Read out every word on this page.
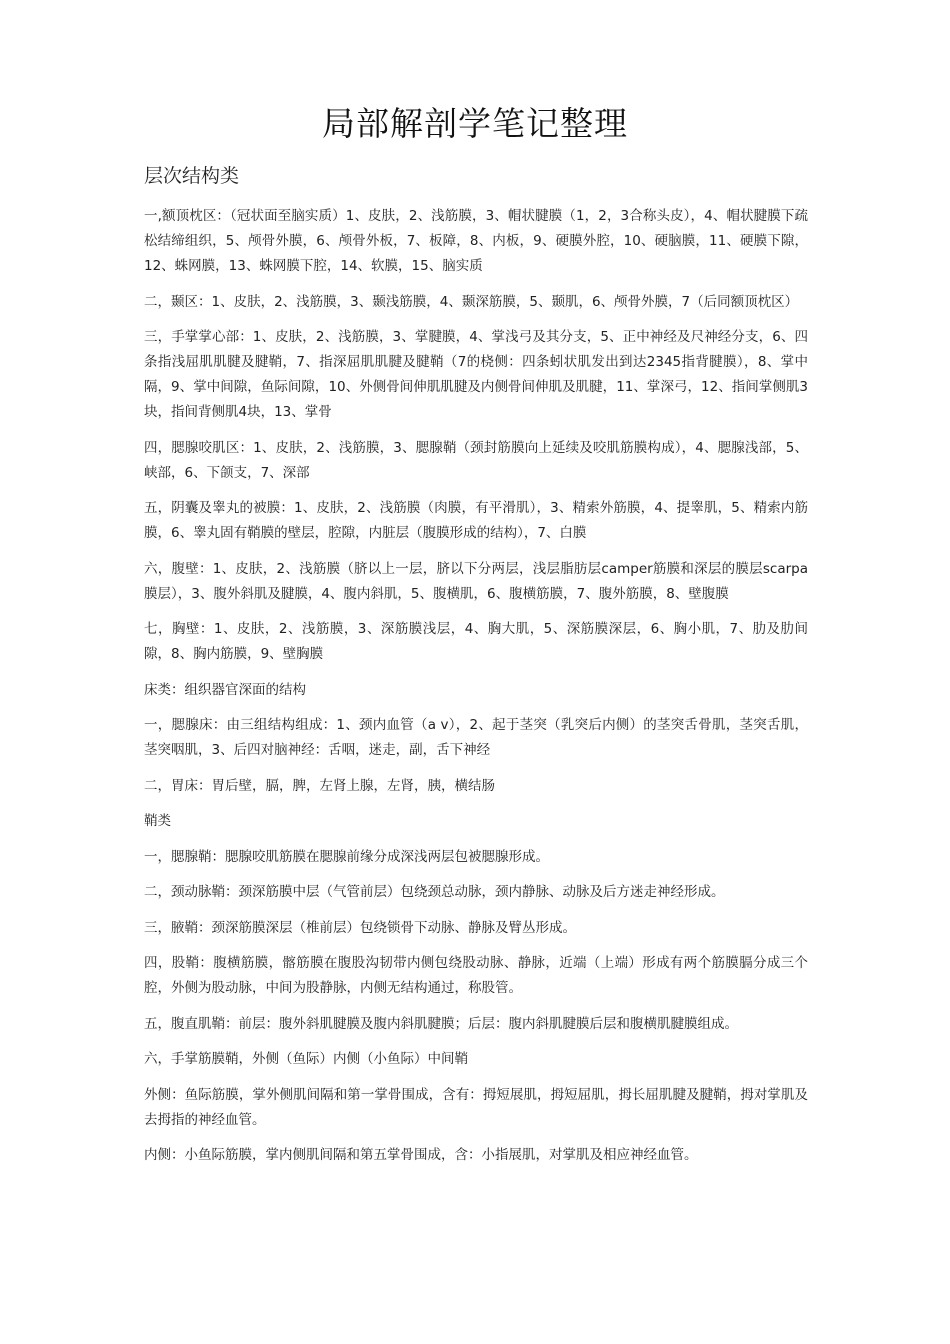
局部解剖学笔记整理
层次结构类

一,额顶枕区：（冠状面至脑实质）1、皮肤，2、浅筋膜，3、帽状腱膜（1，2，3合称头皮），4、帽状腱膜下疏松结缔组织，5、颅骨外膜，6、颅骨外板，7、板障，8、内板，9、硬膜外腔，10、硬脑膜，11、硬膜下隙，12、蛛网膜，13、蛛网膜下腔，14、软膜，15、脑实质

二，颞区：1、皮肤，2、浅筋膜，3、颞浅筋膜，4、颞深筋膜，5、颞肌，6、颅骨外膜，7（后同额顶枕区）

三，手掌掌心部：1、皮肤，2、浅筋膜，3、掌腱膜，4、掌浅弓及其分支，5、正中神经及尺神经分支，6、四条指浅屈肌肌腱及腱鞘，7、指深屈肌肌腱及腱鞘（7的桡侧：四条蚓状肌发出到达2345指背腱膜），8、掌中隔，9、掌中间隙，鱼际间隙，10、外侧骨间伸肌肌腱及内侧骨间伸肌及肌腱，11、掌深弓，12、指间掌侧肌3块，指间背侧肌4块，13、掌骨

四，腮腺咬肌区：1、皮肤，2、浅筋膜，3、腮腺鞘（颈封筋膜向上延续及咬肌筋膜构成），4、腮腺浅部，5、峡部，6、下颌支，7、深部

五，阴囊及睾丸的被膜：1、皮肤，2、浅筋膜（肉膜，有平滑肌），3、精索外筋膜，4、提睾肌，5、精索内筋膜，6、睾丸固有鞘膜的壁层，腔隙，内脏层（腹膜形成的结构），7、白膜

六，腹壁：1、皮肤，2、浅筋膜（脐以上一层，脐以下分两层，浅层脂肪层camper筋膜和深层的膜层scarpa膜层），3、腹外斜肌及腱膜，4、腹内斜肌，5、腹横肌，6、腹横筋膜，7、腹外筋膜，8、壁腹膜

七，胸壁：1、皮肤，2、浅筋膜，3、深筋膜浅层，4、胸大肌，5、深筋膜深层，6、胸小肌，7、肋及肋间隙，8、胸内筋膜，9、壁胸膜

床类：组织器官深面的结构

一，腮腺床：由三组结构组成：1、颈内血管（a v），2、起于茎突（乳突后内侧）的茎突舌骨肌，茎突舌肌，茎突咽肌，3、后四对脑神经：舌咽，迷走，副，舌下神经

二，胃床：胃后壁，膈，脾，左肾上腺，左肾，胰，横结肠

鞘类

一，腮腺鞘：腮腺咬肌筋膜在腮腺前缘分成深浅两层包被腮腺形成。

二，颈动脉鞘：颈深筋膜中层（气管前层）包绕颈总动脉，颈内静脉、动脉及后方迷走神经形成。

三，腋鞘：颈深筋膜深层（椎前层）包绕锁骨下动脉、静脉及臂丛形成。

四，股鞘：腹横筋膜，髂筋膜在腹股沟韧带内侧包绕股动脉、静脉，近端（上端）形成有两个筋膜膈分成三个腔，外侧为股动脉，中间为股静脉，内侧无结构通过，称股管。

五，腹直肌鞘：前层：腹外斜肌腱膜及腹内斜肌腱膜；后层：腹内斜肌腱膜后层和腹横肌腱膜组成。

六，手掌筋膜鞘，外侧（鱼际）内侧（小鱼际）中间鞘

外侧：鱼际筋膜，掌外侧肌间隔和第一掌骨围成，含有：拇短展肌，拇短屈肌，拇长屈肌腱及腱鞘，拇对掌肌及去拇指的神经血管。

内侧：小鱼际筋膜，掌内侧肌间隔和第五掌骨围成，含：小指展肌，对掌肌及相应神经血管。
